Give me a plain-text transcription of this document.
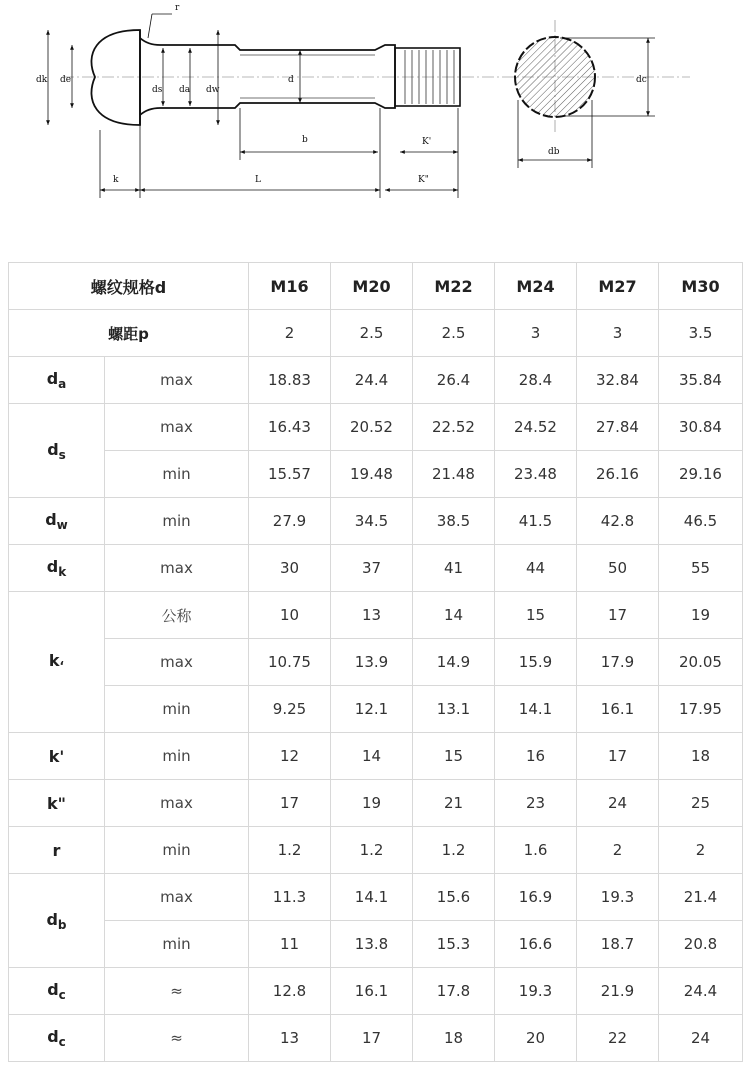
r
dk de
ds da dw
d
b	K'
k	L	K"
dc
db
螺纹规格d		M16	M20	M22	M24	M27	M30
螺距p		2	2.5	2.5	3	3	3.5
$d_a$	max	18.83	24.4	26.4	28.4	32.84	35.84
$d_s$	max	16.43	20.52	22.52	24.52	27.84	30.84
	min	15.57	19.48	21.48	23.48	26.16	29.16
$d_w$	min	27.9	34.5	38.5	41.5	42.8	46.5
$d_k$	max	30	37	41	44	50	55
$k_‘$	公称	10	13	14	15	17	19
	max	10.75	13.9	14.9	15.9	17.9	20.05
	min	9.25	12.1	13.1	14.1	16.1	17.95
k'	min	12	14	15	16	17	18
k"	max	17	19	21	23	24	25
r	min	1.2	1.2	1.2	1.6	2	2
$d_b$	max	11.3	14.1	15.6	16.9	19.3	21.4
	min	11	13.8	15.3	16.6	18.7	20.8
$d_c$	≈	12.8	16.1	17.8	19.3	21.9	24.4
$d_c$	≈	13	17	18	20	22	24
